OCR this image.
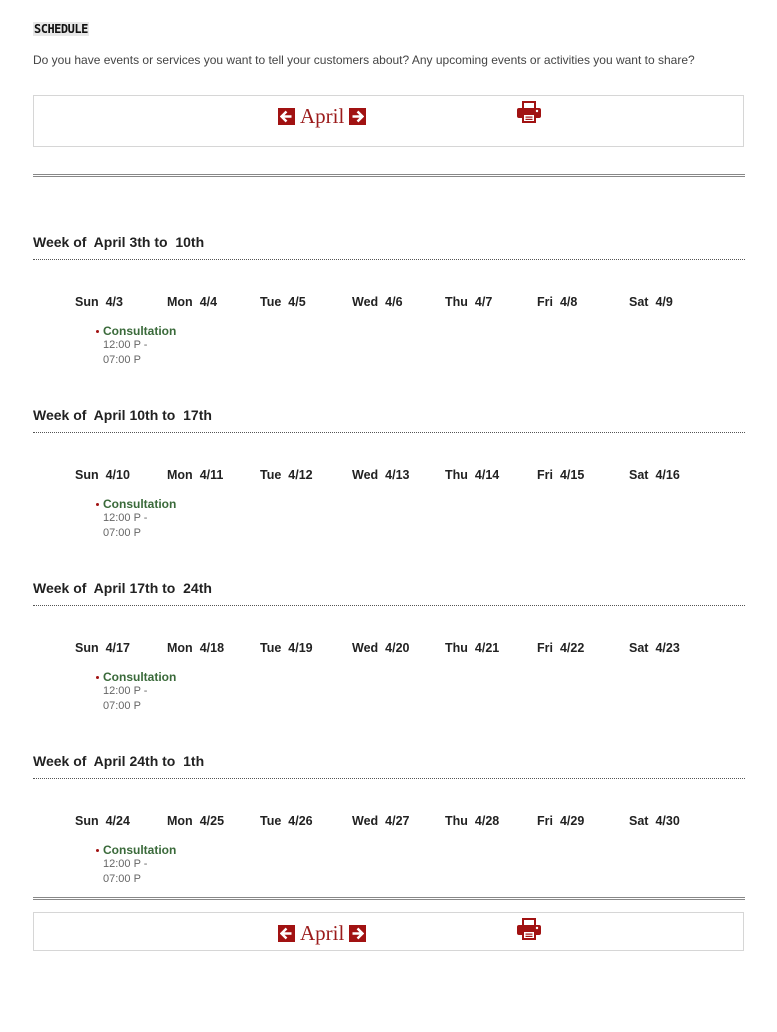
SCHEDULE
Do you have events or services you want to tell your customers about? Any upcoming events or activities you want to share?
April
Week of  April 3th to  10th
Sun 4/3	Mon 4/4	Tue 4/5	Wed 4/6	Thu 4/7	Fri 4/8	Sat 4/9
Consultation
12:00 P -
07:00 P
Week of  April 10th to  17th
Sun 4/10	Mon 4/11	Tue 4/12	Wed 4/13	Thu 4/14	Fri 4/15	Sat 4/16
Consultation
12:00 P -
07:00 P
Week of  April 17th to  24th
Sun 4/17	Mon 4/18	Tue 4/19	Wed 4/20	Thu 4/21	Fri 4/22	Sat 4/23
Consultation
12:00 P -
07:00 P
Week of  April 24th to  1th
Sun 4/24	Mon 4/25	Tue 4/26	Wed 4/27	Thu 4/28	Fri 4/29	Sat 4/30
Consultation
12:00 P -
07:00 P
April
